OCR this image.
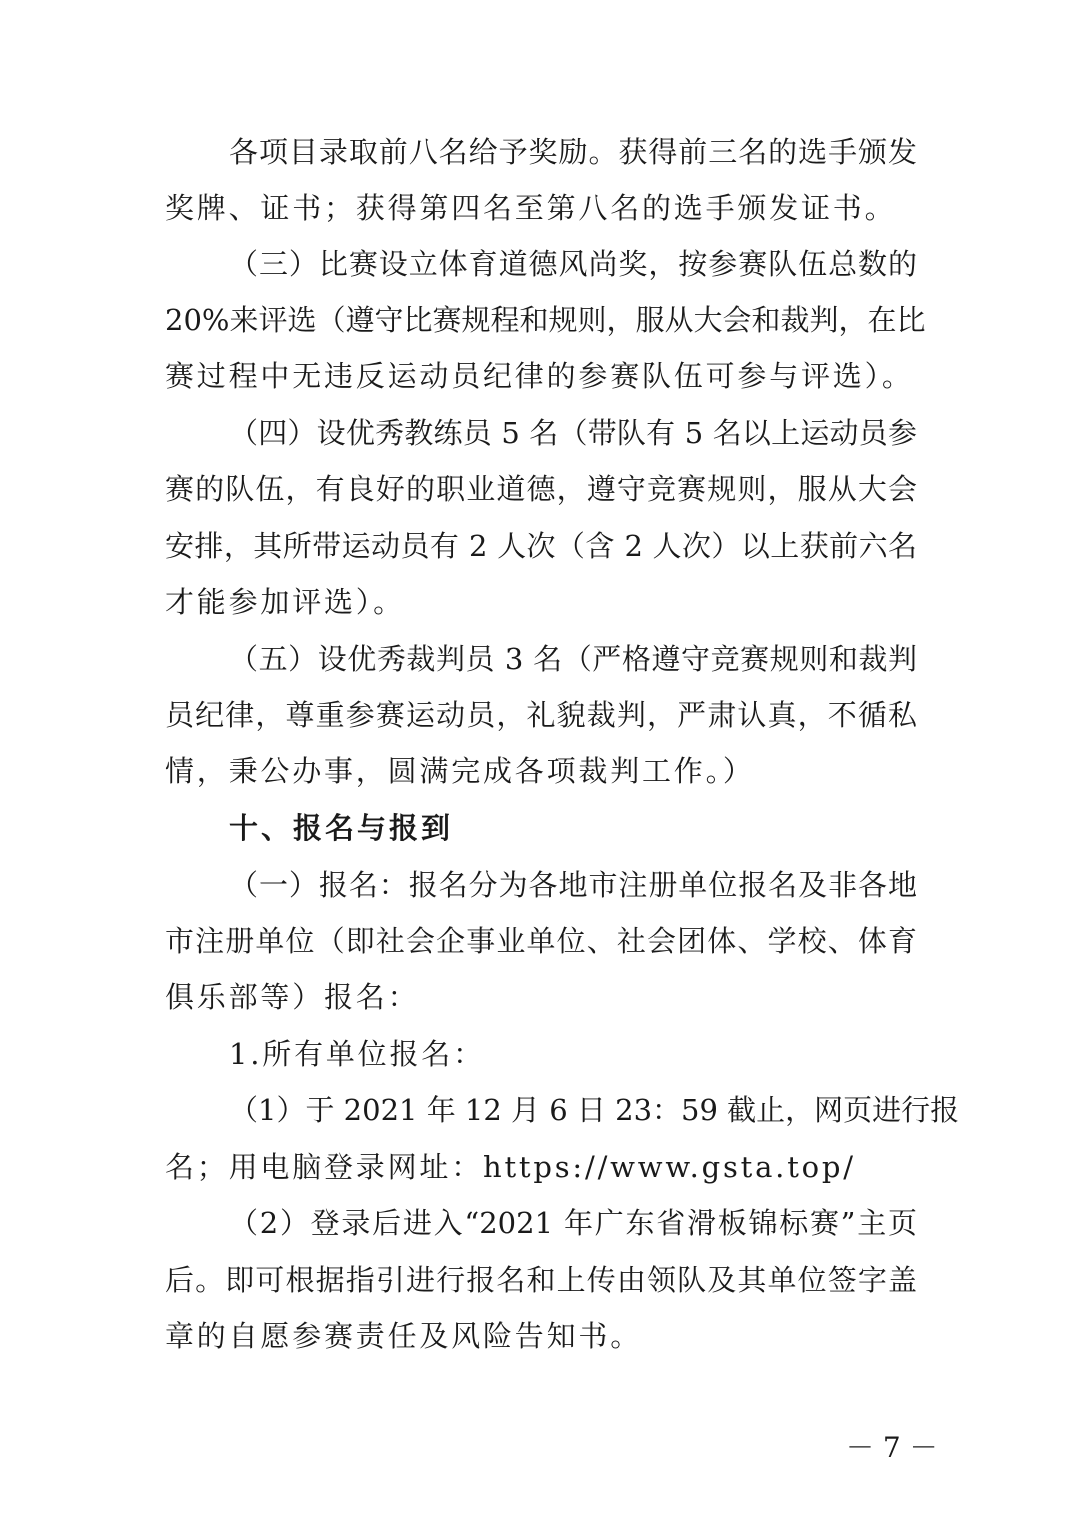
各项目录取前八名给予奖励。获得前三名的选手颁发
奖牌、证书；获得第四名至第八名的选手颁发证书。
（三）比赛设立体育道德风尚奖，按参赛队伍总数的
20%来评选（遵守比赛规程和规则，服从大会和裁判，在比
赛过程中无违反运动员纪律的参赛队伍可参与评选）。
（四）设优秀教练员 5 名（带队有 5 名以上运动员参
赛的队伍，有良好的职业道德，遵守竞赛规则，服从大会
安排，其所带运动员有 2 人次（含 2 人次）以上获前六名
才能参加评选）。
（五）设优秀裁判员 3 名（严格遵守竞赛规则和裁判
员纪律，尊重参赛运动员，礼貌裁判，严肃认真，不循私
情，秉公办事，圆满完成各项裁判工作。）
十、报名与报到
（一）报名：报名分为各地市注册单位报名及非各地
市注册单位（即社会企事业单位、社会团体、学校、体育
俱乐部等）报名：
1.所有单位报名：
（1）于 2021 年 12 月 6 日 23：59 截止，网页进行报
名；用电脑登录网址：https://www.gsta.top/
（2）登录后进入“2021 年广东省滑板锦标赛”主页
后。即可根据指引进行报名和上传由领队及其单位签字盖
章的自愿参赛责任及风险告知书。
－ 7 －
